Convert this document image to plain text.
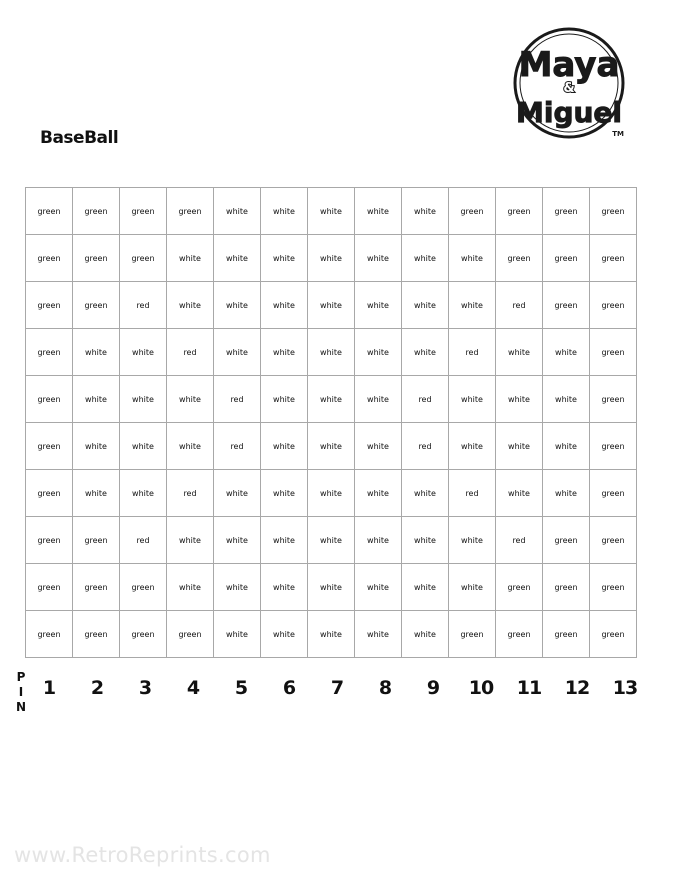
Maya
&
Miguel
TM
BaseBall
green	green	green	green	white	white	white	white	white	green	green	green	green
green	green	green	white	white	white	white	white	white	white	green	green	green
green	green	red	white	white	white	white	white	white	white	red	green	green
green	white	white	red	white	white	white	white	white	red	white	white	green
green	white	white	white	red	white	white	white	red	white	white	white	green
green	white	white	white	red	white	white	white	red	white	white	white	green
green	white	white	red	white	white	white	white	white	red	white	white	green
green	green	red	white	white	white	white	white	white	white	red	green	green
green	green	green	white	white	white	white	white	white	white	green	green	green
green	green	green	green	white	white	white	white	white	green	green	green	green
P
I
N
1	2	3	4	5	6	7	8	9	10	11	12	13
www.RetroReprints.com
